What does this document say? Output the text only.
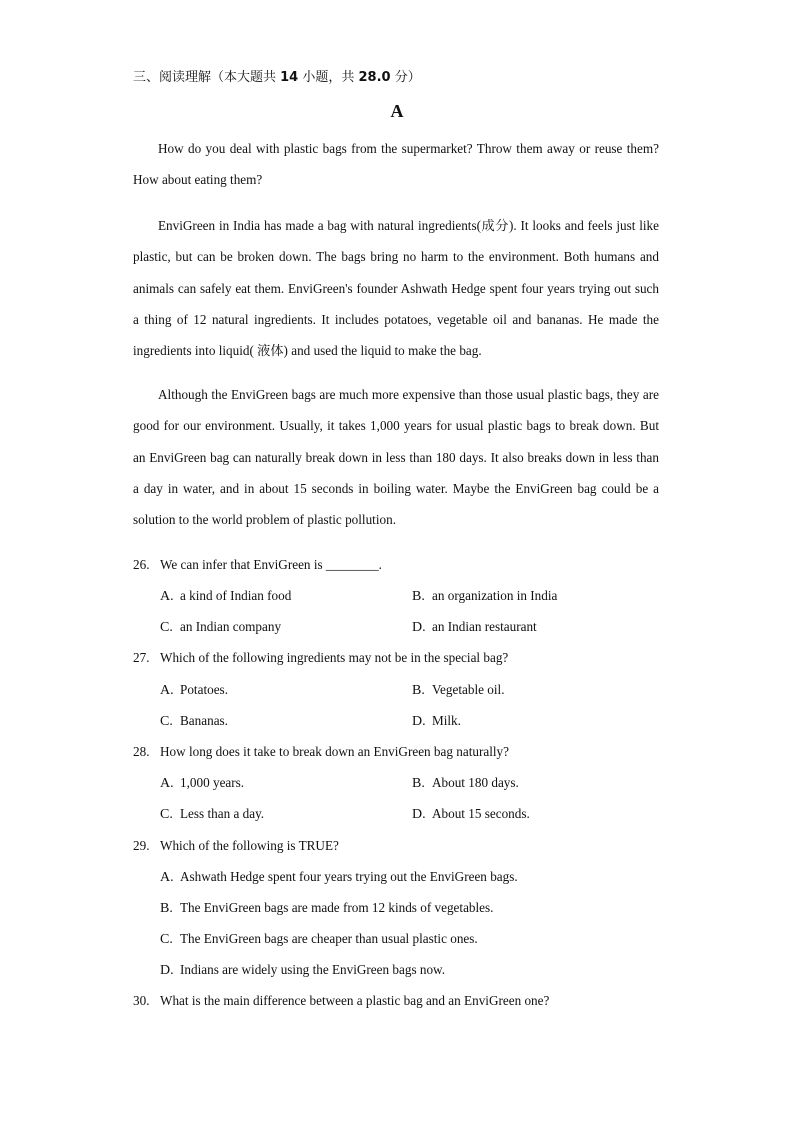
三、阅读理解（本大题共 14 小题，共 28.0 分）
A

How do you deal with plastic bags from the supermarket? Throw them away or reuse them? How about eating them?

EnviGreen in India has made a bag with natural ingredients(成分). It looks and feels just like plastic, but can be broken down. The bags bring no harm to the environment. Both humans and animals can safely eat them. EnviGreen's founder Ashwath Hedge spent four years trying out such a thing of 12 natural ingredients. It includes potatoes, vegetable oil and bananas. He made the ingredients into liquid( 液体) and used the liquid to make the bag.

Although the EnviGreen bags are much more expensive than those usual plastic bags, they are good for our environment. Usually, it takes 1,000 years for usual plastic bags to break down. But an EnviGreen bag can naturally break down in less than 180 days. It also breaks down in less than a day in water, and in about 15 seconds in boiling water. Maybe the EnviGreen bag could be a solution to the world problem of plastic pollution.

26. We can infer that EnviGreen is ________.
A. a kind of Indian food	B. an organization in India
C. an Indian company	D. an Indian restaurant
27. Which of the following ingredients may not be in the special bag?
A. Potatoes.	B. Vegetable oil.
C. Bananas.	D. Milk.
28. How long does it take to break down an EnviGreen bag naturally?
A. 1,000 years.	B. About 180 days.
C. Less than a day.	D. About 15 seconds.
29. Which of the following is TRUE?
A. Ashwath Hedge spent four years trying out the EnviGreen bags.
B. The EnviGreen bags are made from 12 kinds of vegetables.
C. The EnviGreen bags are cheaper than usual plastic ones.
D. Indians are widely using the EnviGreen bags now.
30. What is the main difference between a plastic bag and an EnviGreen one?
